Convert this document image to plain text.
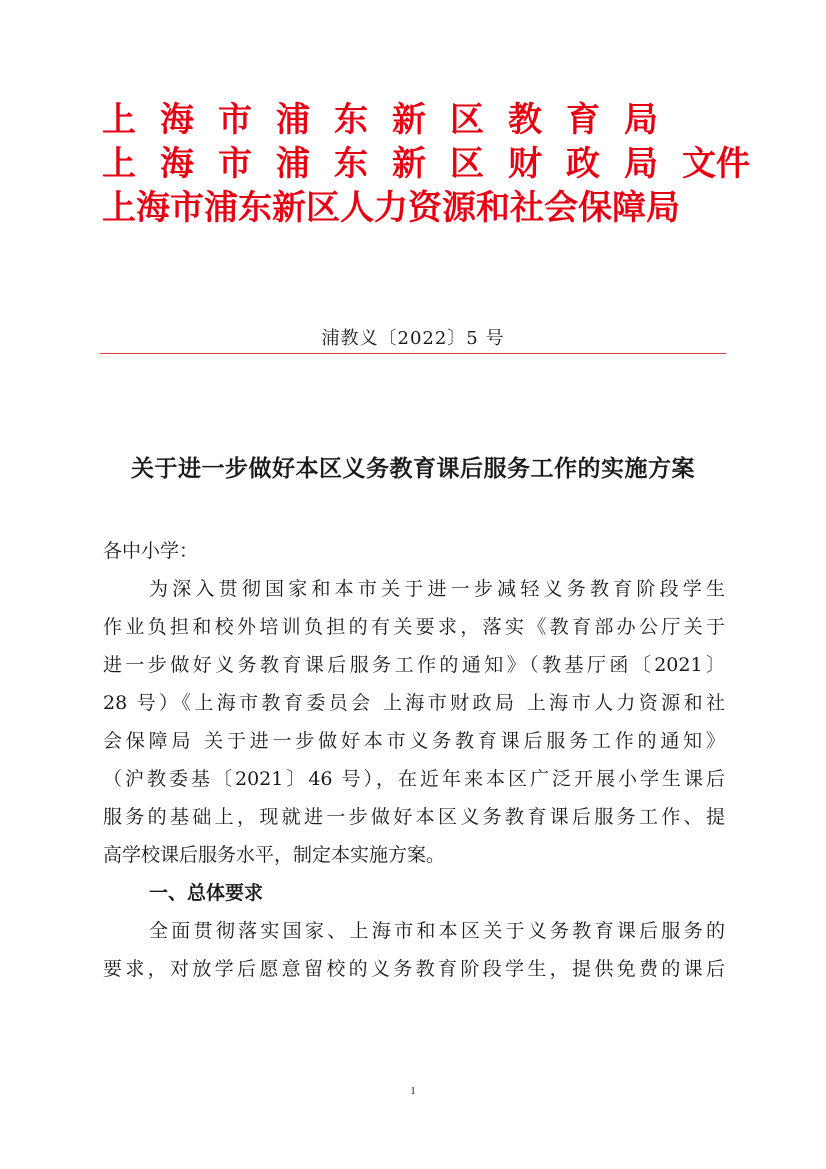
上海市浦东新区教育局
上海市浦东新区财政局文件
上海市浦东新区人力资源和社会保障局
浦教义〔2022〕5 号
关于进一步做好本区义务教育课后服务工作的实施方案
各中小学：
为深入贯彻国家和本市关于进一步减轻义务教育阶段学生
作业负担和校外培训负担的有关要求，落实《教育部办公厅关于
进一步做好义务教育课后服务工作的通知》（教基厅函〔2021〕
28 号）《上海市教育委员会 上海市财政局 上海市人力资源和社
会保障局 关于进一步做好本市义务教育课后服务工作的通知》
（沪教委基〔2021〕46 号），在近年来本区广泛开展小学生课后
服务的基础上，现就进一步做好本区义务教育课后服务工作、提
高学校课后服务水平，制定本实施方案。
一、总体要求
全面贯彻落实国家、上海市和本区关于义务教育课后服务的
要求，对放学后愿意留校的义务教育阶段学生，提供免费的课后
1
